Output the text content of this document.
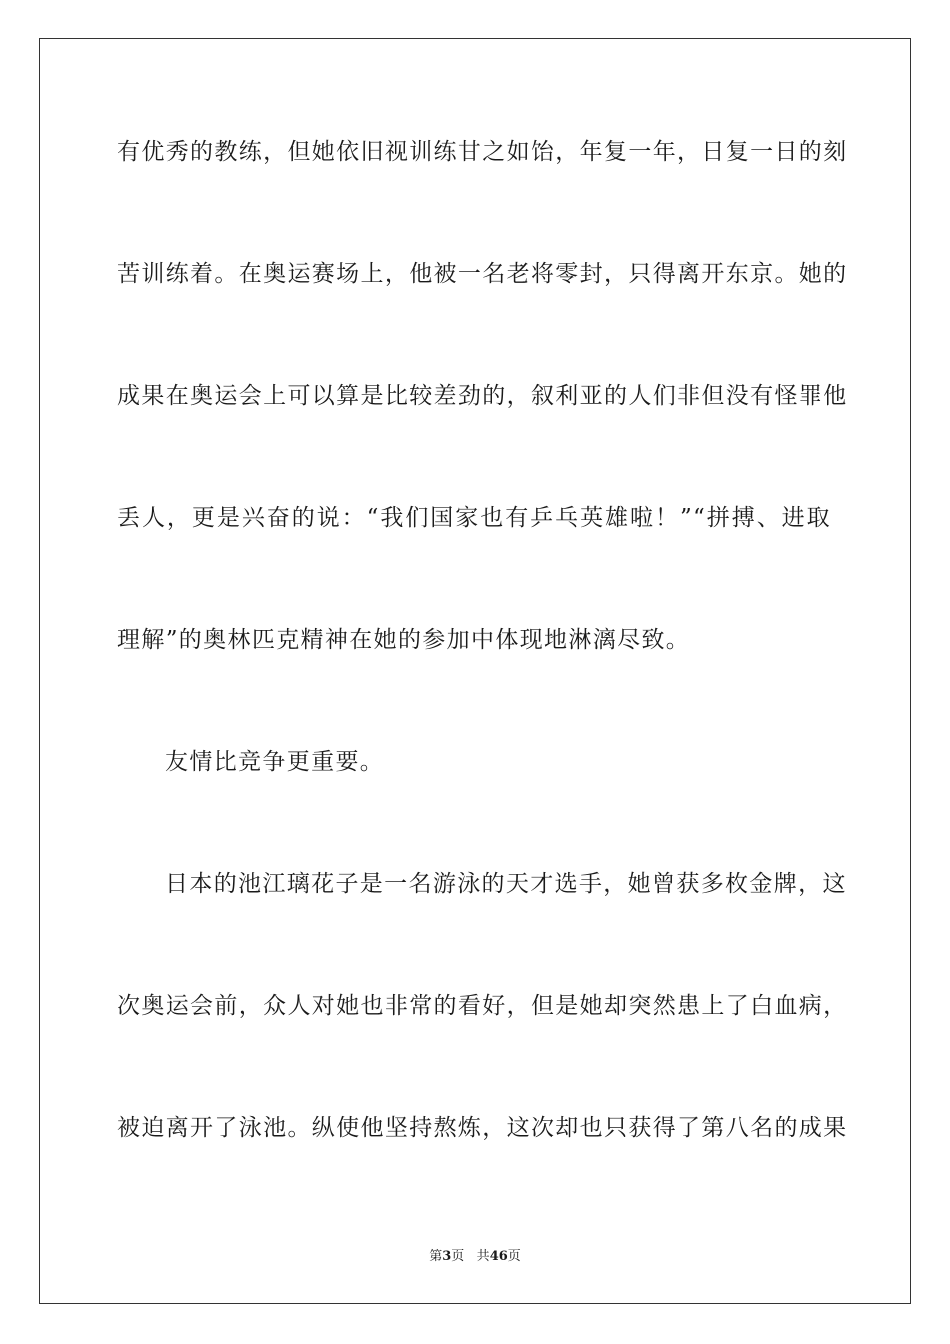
有优秀的教练，但她依旧视训练甘之如饴，年复一年，日复一日的刻
苦训练着。在奥运赛场上，他被一名老将零封，只得离开东京。她的
成果在奥运会上可以算是比较差劲的，叙利亚的人们非但没有怪罪他
丢人，更是兴奋的说：“我们国家也有乒乓英雄啦！”“拼搏、进取
理解”的奥林匹克精神在她的参加中体现地淋漓尽致。
友情比竞争更重要。
日本的池江璃花子是一名游泳的天才选手，她曾获多枚金牌，这
次奥运会前，众人对她也非常的看好，但是她却突然患上了白血病，
被迫离开了泳池。纵使他坚持熬炼，这次却也只获得了第八名的成果
第3页 共46页
